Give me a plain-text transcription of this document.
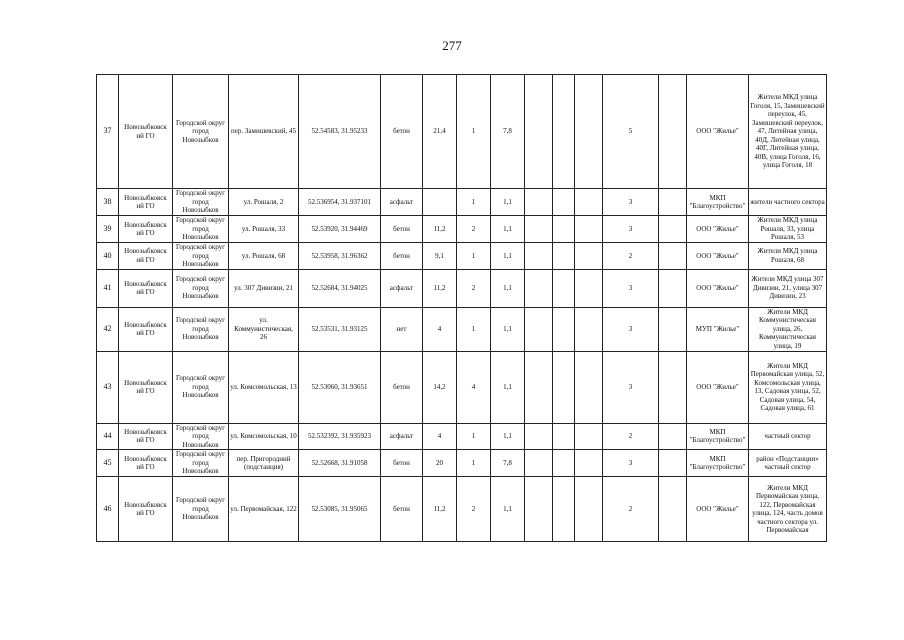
277
37	Новозыбковск ий ГО	Городской округ город Новозыбков	пер. Замишевский, 45	52.54583, 31.95233	бетон	21,4	1	7,8				5		ООО "Жилье"	Жители МКД улица Гоголя, 15, Замишевский переулок, 45, Замишевский переулок, 47, Литейная улица, 40Д, Литейная улица, 40Г, Литейная улица, 40В, улица Гоголя, 16, улица Гоголя, 18
38	Новозыбковск ий ГО	Городской округ город Новозыбков	ул. Рошаля, 2	52.536954, 31.937101	асфальт		1	1,1				3		МКП "Благоустройство"	жители частного сектора
39	Новозыбковск ий ГО	Городской округ город Новозыбков	ул. Рошаля, 33	52.53920, 31.94469	бетон	11,2	2	1,1				3		ООО "Жилье"	Жители МКД улица Рошаля, 33, улица Рошаля, 53
40	Новозыбковск ий ГО	Городской округ город Новозыбков	ул. Рошаля, 68	52.53958, 31.96362	бетон	9,1	1	1,1				2		ООО "Жилье"	Жители МКД улица Рошаля, 68
41	Новозыбковск ий ГО	Городской округ город Новозыбков	ул. 307 Дивизии, 21	52.52684, 31.94025	асфальт	11,2	2	1,1				3		ООО "Жилье"	Жители МКД улица 307 Дивизии, 21, улица 307 Дивизии, 23
42	Новозыбковск ий ГО	Городской округ город Новозыбков	ул. Коммунистическая, 26	52.53531, 31.93125	нет	4	1	1,1				3		МУП "Жилье"	Жители МКД Коммунистическая улица, 26, Коммунистическая улица, 19
43	Новозыбковск ий ГО	Городской округ город Новозыбков	ул. Комсомольская, 13	52.53060, 31.93651	бетон	14,2	4	1,1				3		ООО "Жилье"	Жители МКД Первомайская улица, 52, Комсомольская улица, 13, Садовая улица, 52, Садовая улица, 54, Садовая улица, 61
44	Новозыбковск ий ГО	Городской округ город Новозыбков	ул. Комсомольская, 10	52.532392, 31.935923	асфальт	4	1	1,1				2		МКП "Благоустройство"	частный сектор
45	Новозыбковск ий ГО	Городской округ город Новозыбков	пер. Пригородний (подстанция)	52.52668, 31.91058	бетон	20	1	7,8				3		МКП "Благоустройство"	район «Подстанции» частный сектор
46	Новозыбковск ий ГО	Городской округ город Новозыбков	ул. Первомайская, 122	52.53085, 31.95065	бетон	11,2	2	1,1				2		ООО "Жилье"	Жители МКД Первомайская улица, 122, Первомайская улица, 124, часть домов частного сектора ул. Первомайская
